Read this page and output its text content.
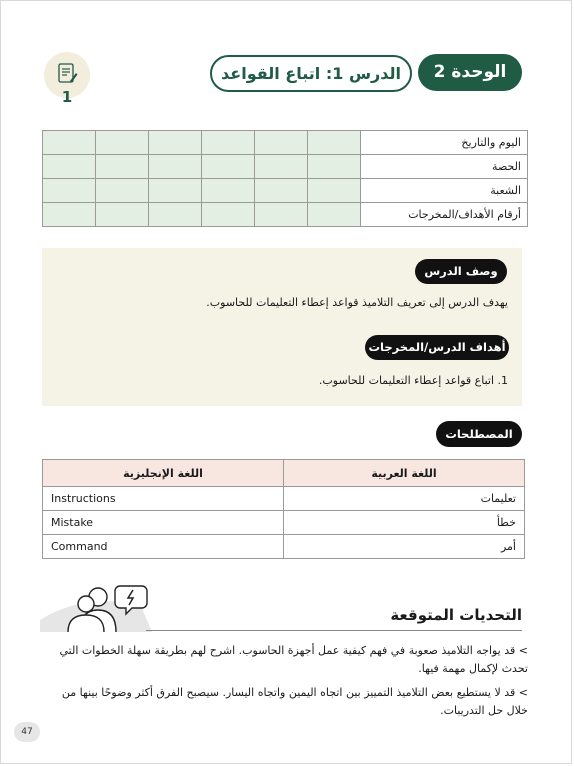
الوحدة 2
الدرس 1: اتباع القواعد
1
اليوم والتاريخ						
الحصة						
الشعبة						
أرقام الأهداف/المخرجات						
وصف الدرس
يهدف الدرس إلى تعريف التلاميذ قواعد إعطاء التعليمات للحاسوب.
أهداف الدرس/المخرجات
1. اتباع قواعد إعطاء التعليمات للحاسوب.
المصطلحات
اللغة العربية	اللغة الإنجليزية
تعليمات	Instructions
خطأ	Mistake
أمر	Command
التحديات المتوقعة
> قد يواجه التلاميذ صعوبة في فهم كيفية عمل أجهزة الحاسوب. اشرح لهم بطريقة سهلة الخطوات التي تحدث لإكمال مهمة فيها.
> قد لا يستطيع بعض التلاميذ التمييز بين اتجاه اليمين واتجاه اليسار. سيصبح الفرق أكثر وضوحًا بينها من خلال حل التدريبات.
47
